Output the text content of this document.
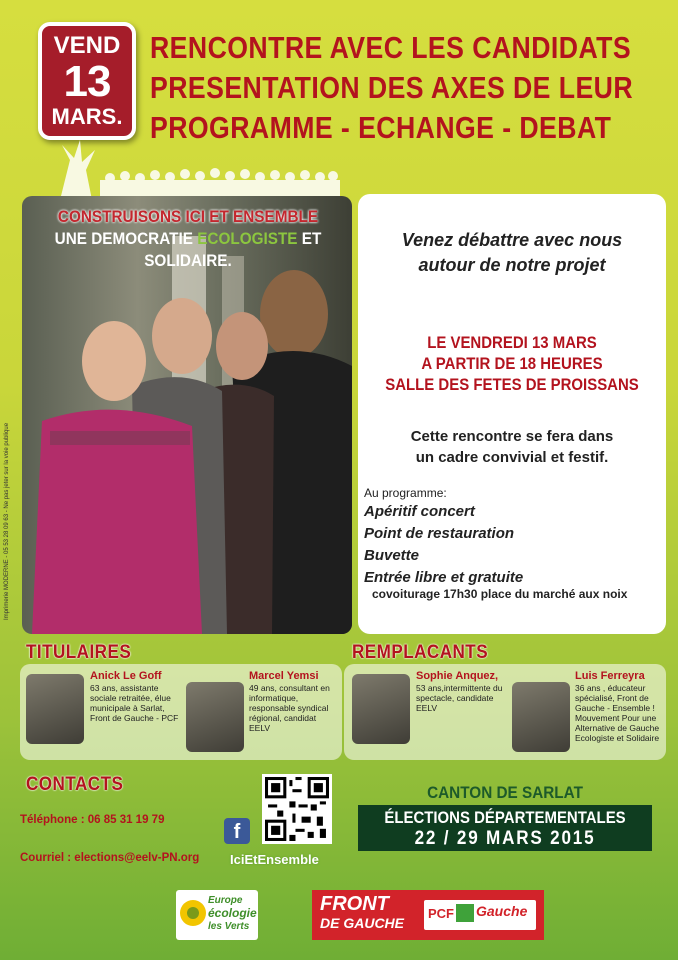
VEND
13
MARS.
RENCONTRE AVEC LES CANDIDATS
PRESENTATION DES AXES DE LEUR
PROGRAMME - ECHANGE - DEBAT
Imprimerie MODERNE - 05 53 28 09 63 - Ne pas jeter sur la voie publique
CONSTRUISONS ICI ET ENSEMBLE
UNE DEMOCRATIE ECOLOGISTE ET SOLIDAIRE.
Venez débattre avec nous
autour de notre projet
LE VENDREDI 13 MARS
A PARTIR DE 18 HEURES
SALLE DES FETES DE PROISSANS
Cette rencontre se fera dans
un cadre convivial et festif.
Au programme:
Apéritif concert
Point de restauration
Buvette
Entrée libre et gratuite
covoiturage 17h30 place du marché aux noix
TITULAIRES
Anick Le Goff
63 ans, assistante sociale retraitée, élue municipale à Sarlat, Front de Gauche - PCF
Marcel Yemsi
49 ans, consultant en informatique, responsable syndical régional, candidat EELV
REMPLACANTS
Sophie Anquez,
53 ans,intermittente du spectacle, candidate EELV
Luis Ferreyra
36 ans , éducateur spécialisé, Front de Gauche - Ensemble ! Mouvement Pour une Alternative de Gauche Ecologiste et Solidaire
CONTACTS
Téléphone : 06 85 31 19 79
Courriel : elections@eelv-PN.org
f
IciEtEnsemble
CANTON DE SARLAT
ÉLECTIONS DÉPARTEMENTALES
22 / 29 MARS 2015
Europe
écologie
les Verts
FRONT
DE GAUCHE
PCF Gauche
